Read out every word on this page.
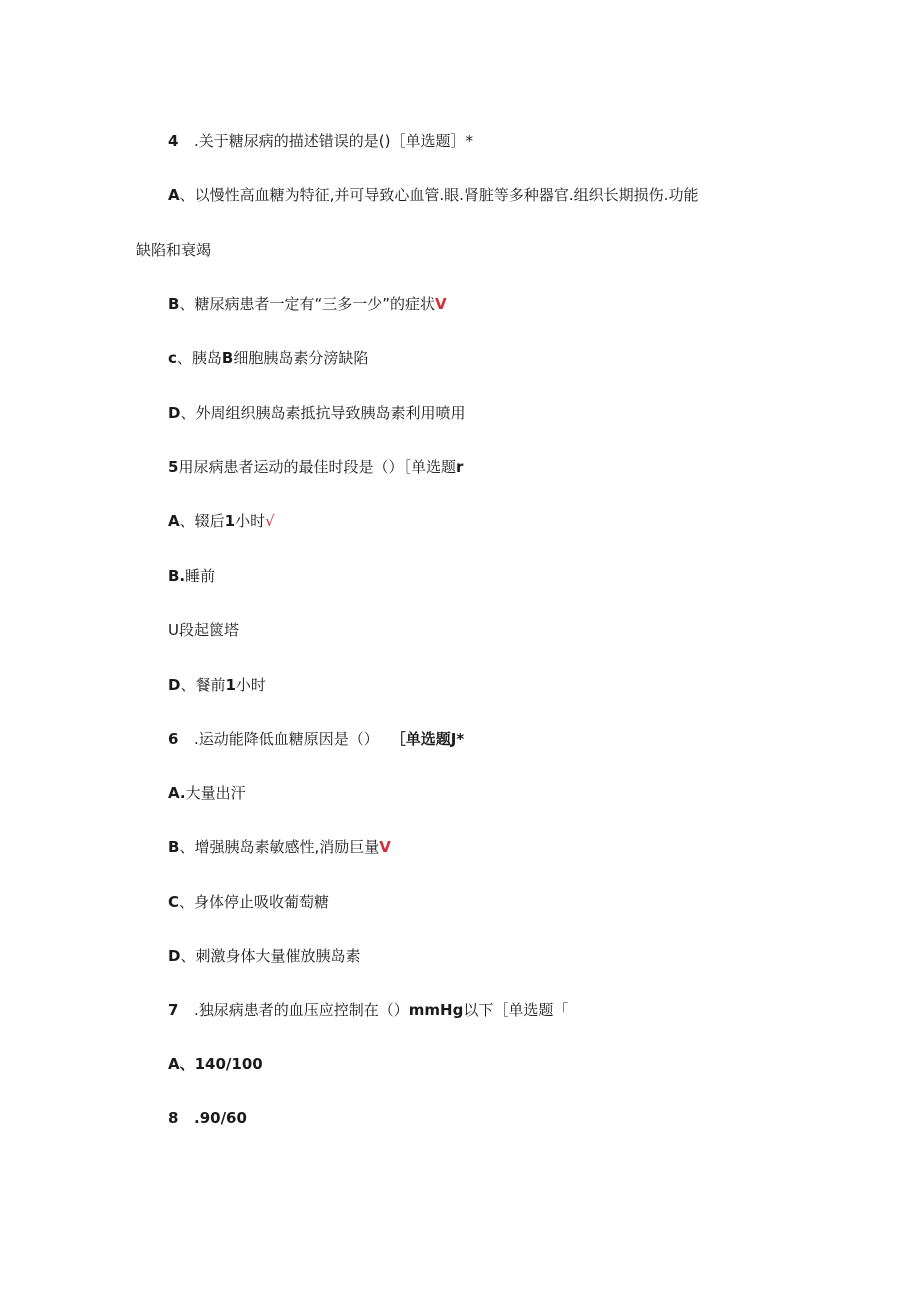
4 .关于糖尿病的描述错误的是()［单选题］*
A、以慢性高血糖为特征,并可导致心血管.眼.肾脏等多种器官.组织长期损伤.功能
缺陷和衰竭
B、糖尿病患者一定有“三多一少”的症状V
c、胰岛B细胞胰岛素分滂缺陷
D、外周组织胰岛素抵抗导致胰岛素利用喷用
5用尿病患者运动的最佳时段是（）［单选题r
A、辍后1小时√
B.睡前
U段起篋塔
D、餐前1小时
6 .运动能降低血糖原因是（） ［单选题J*
A.大量出汗
B、增强胰岛素敏感性,消励巨量V
C、身体停止吸收葡萄糖
D、刺激身体大量催放胰岛素
7 .独尿病患者的血压应控制在（）mmHg以下［单选题「
A、140/100
8 .90/60
